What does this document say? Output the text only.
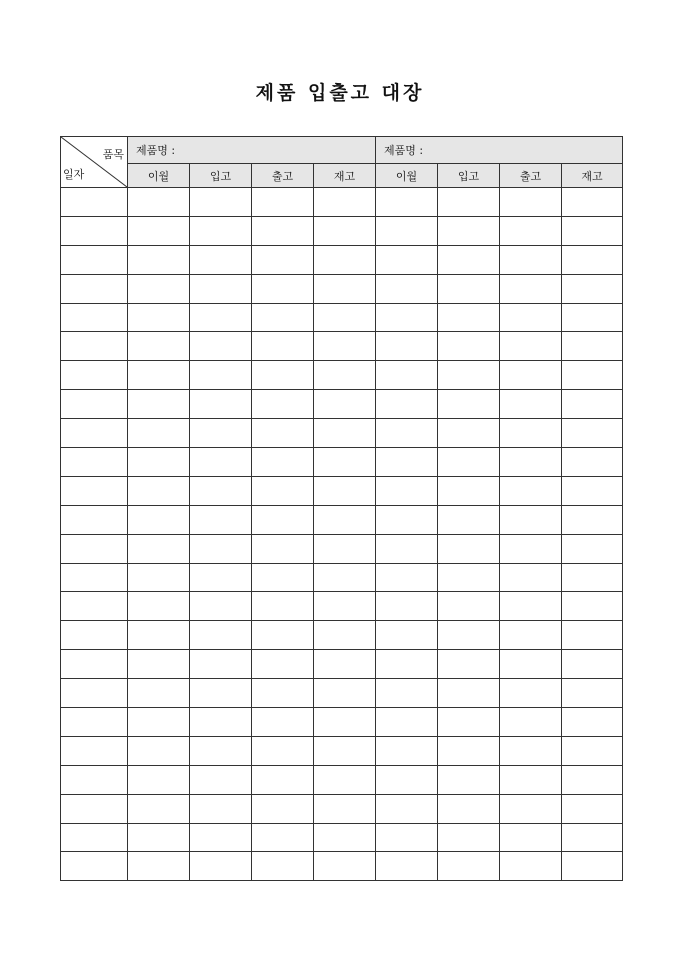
제품 입출고 대장
품목
일자	제품명 :				제품명 :			
	이월	입고	출고	재고	이월	입고	출고	재고
